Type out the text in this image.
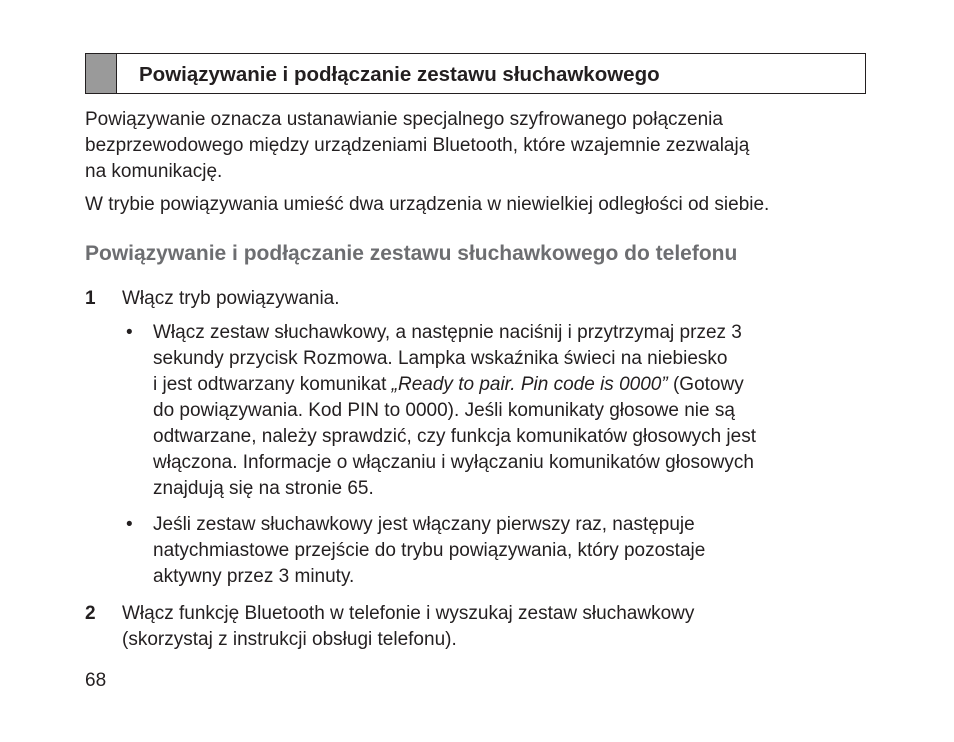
Powiązywanie i podłączanie zestawu słuchawkowego
Powiązywanie oznacza ustanawianie specjalnego szyfrowanego połączenia
bezprzewodowego między urządzeniami Bluetooth, które wzajemnie zezwalają
na komunikację.
W trybie powiązywania umieść dwa urządzenia w niewielkiej odległości od siebie.
Powiązywanie i podłączanie zestawu słuchawkowego do telefonu
1 Włącz tryb powiązywania.
• Włącz zestaw słuchawkowy, a następnie naciśnij i przytrzymaj przez 3
sekundy przycisk Rozmowa. Lampka wskaźnika świeci na niebiesko
i jest odtwarzany komunikat „Ready to pair. Pin code is 0000” (Gotowy
do powiązywania. Kod PIN to 0000). Jeśli komunikaty głosowe nie są
odtwarzane, należy sprawdzić, czy funkcja komunikatów głosowych jest
włączona. Informacje o włączaniu i wyłączaniu komunikatów głosowych
znajdują się na stronie 65.
• Jeśli zestaw słuchawkowy jest włączany pierwszy raz, następuje
natychmiastowe przejście do trybu powiązywania, który pozostaje
aktywny przez 3 minuty.
2 Włącz funkcję Bluetooth w telefonie i wyszukaj zestaw słuchawkowy
(skorzystaj z instrukcji obsługi telefonu).
68
